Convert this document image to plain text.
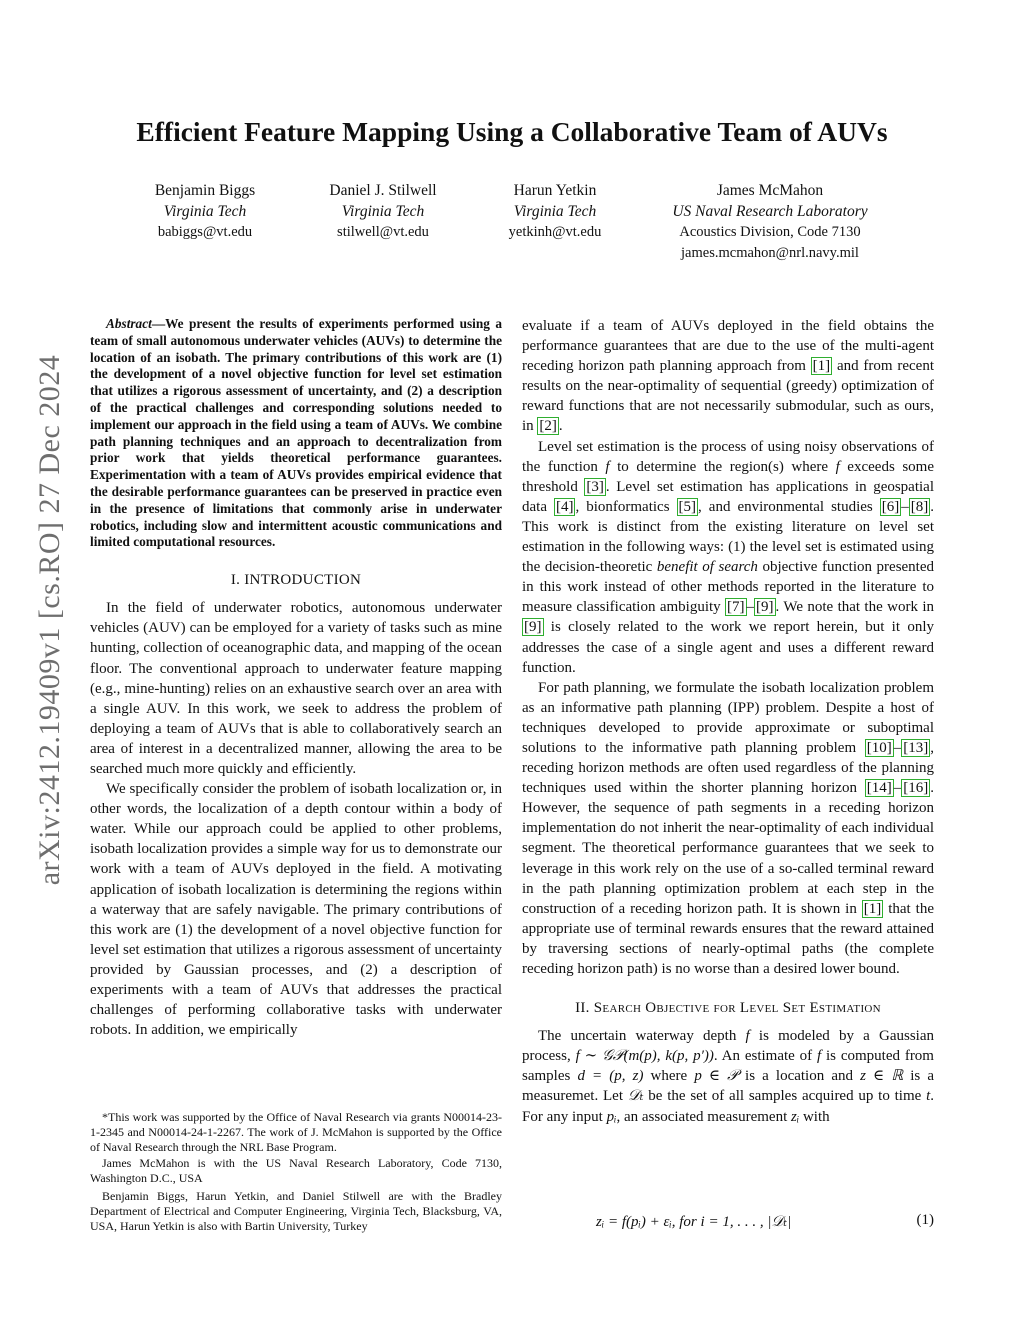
arXiv:2412.19409v1 [cs.RO] 27 Dec 2024
Efficient Feature Mapping Using a Collaborative Team of AUVs
Benjamin Biggs
Virginia Tech
babiggs@vt.edu
Daniel J. Stilwell
Virginia Tech
stilwell@vt.edu
Harun Yetkin
Virginia Tech
yetkinh@vt.edu
James McMahon
US Naval Research Laboratory
Acoustics Division, Code 7130
james.mcmahon@nrl.navy.mil

Abstract—We present the results of experiments performed using a team of small autonomous underwater vehicles (AUVs) to determine the location of an isobath. The primary contributions of this work are (1) the development of a novel objective function for level set estimation that utilizes a rigorous assessment of uncertainty, and (2) a description of the practical challenges and corresponding solutions needed to implement our approach in the field using a team of AUVs. We combine path planning techniques and an approach to decentralization from prior work that yields theoretical performance guarantees. Experimentation with a team of AUVs provides empirical evidence that the desirable performance guarantees can be preserved in practice even in the presence of limitations that commonly arise in underwater robotics, including slow and intermittent acoustic communications and limited computational resources.

I. INTRODUCTION

In the field of underwater robotics, autonomous underwater vehicles (AUV) can be employed for a variety of tasks such as mine hunting, collection of oceanographic data, and mapping of the ocean floor. The conventional approach to underwater feature mapping (e.g., mine-hunting) relies on an exhaustive search over an area with a single AUV. In this work, we seek to address the problem of deploying a team of AUVs that is able to collaboratively search an area of interest in a decentralized manner, allowing the area to be searched much more quickly and efficiently.

We specifically consider the problem of isobath localization or, in other words, the localization of a depth contour within a body of water. While our approach could be applied to other problems, isobath localization provides a simple way for us to demonstrate our work with a team of AUVs deployed in the field. A motivating application of isobath localization is determining the regions within a waterway that are safely navigable. The primary contributions of this work are (1) the development of a novel objective function for level set estimation that utilizes a rigorous assessment of uncertainty provided by Gaussian processes, and (2) a description of experiments with a team of AUVs that addresses the practical challenges of performing collaborative tasks with underwater robots. In addition, we empirically

*This work was supported by the Office of Naval Research via grants N00014-23-1-2345 and N00014-24-1-2267. The work of J. McMahon is supported by the Office of Naval Research through the NRL Base Program.

James McMahon is with the US Naval Research Laboratory, Code 7130, Washington D.C., USA

Benjamin Biggs, Harun Yetkin, and Daniel Stilwell are with the Bradley Department of Electrical and Computer Engineering, Virginia Tech, Blacksburg, VA, USA, Harun Yetkin is also with Bartin University, Turkey

evaluate if a team of AUVs deployed in the field obtains the performance guarantees that are due to the use of the multi-agent receding horizon path planning approach from [1] and from recent results on the near-optimality of sequential (greedy) optimization of reward functions that are not necessarily submodular, such as ours, in [2] .

Level set estimation is the process of using noisy observations of the function f to determine the region(s) where f exceeds some threshold [3] . Level set estimation has applications in geospatial data [4] , bionformatics [5] , and environmental studies [6] – [8] . This work is distinct from the existing literature on level set estimation in the following ways: (1) the level set is estimated using the decision-theoretic benefit of search objective function presented in this work instead of other methods reported in the literature to measure classification ambiguity [7] – [9] . We note that the work in [9] is closely related to the work we report herein, but it only addresses the case of a single agent and uses a different reward function.

For path planning, we formulate the isobath localization problem as an informative path planning (IPP) problem. Despite a host of techniques developed to provide approximate or suboptimal solutions to the informative path planning problem [10] – [13] , receding horizon methods are often used regardless of the planning techniques used within the shorter planning horizon [14] – [16] . However, the sequence of path segments in a receding horizon implementation do not inherit the near-optimality of each individual segment. The theoretical performance guarantees that we seek to leverage in this work rely on the use of a so-called terminal reward in the path planning optimization problem at each step in the construction of a receding horizon path. It is shown in [1] that the appropriate use of terminal rewards ensures that the reward attained by traversing sections of nearly-optimal paths (the complete receding horizon path) is no worse than a desired lower bound.

II. Search Objective for Level Set Estimation

The uncertain waterway depth f is modeled by a Gaussian process, f ∼ 𝒢𝒫(m(p), k(p, p′)). An estimate of f is computed from samples d = (p, z) where p ∈ 𝒫 is a location and z ∈ ℝ is a measuremet. Let 𝒟ₜ be the set of all samples acquired up to time t. For any input pᵢ, an associated measurement zᵢ with

zᵢ = f(pᵢ) + εᵢ, for i = 1, . . . , |𝒟ₜ|	(1)
